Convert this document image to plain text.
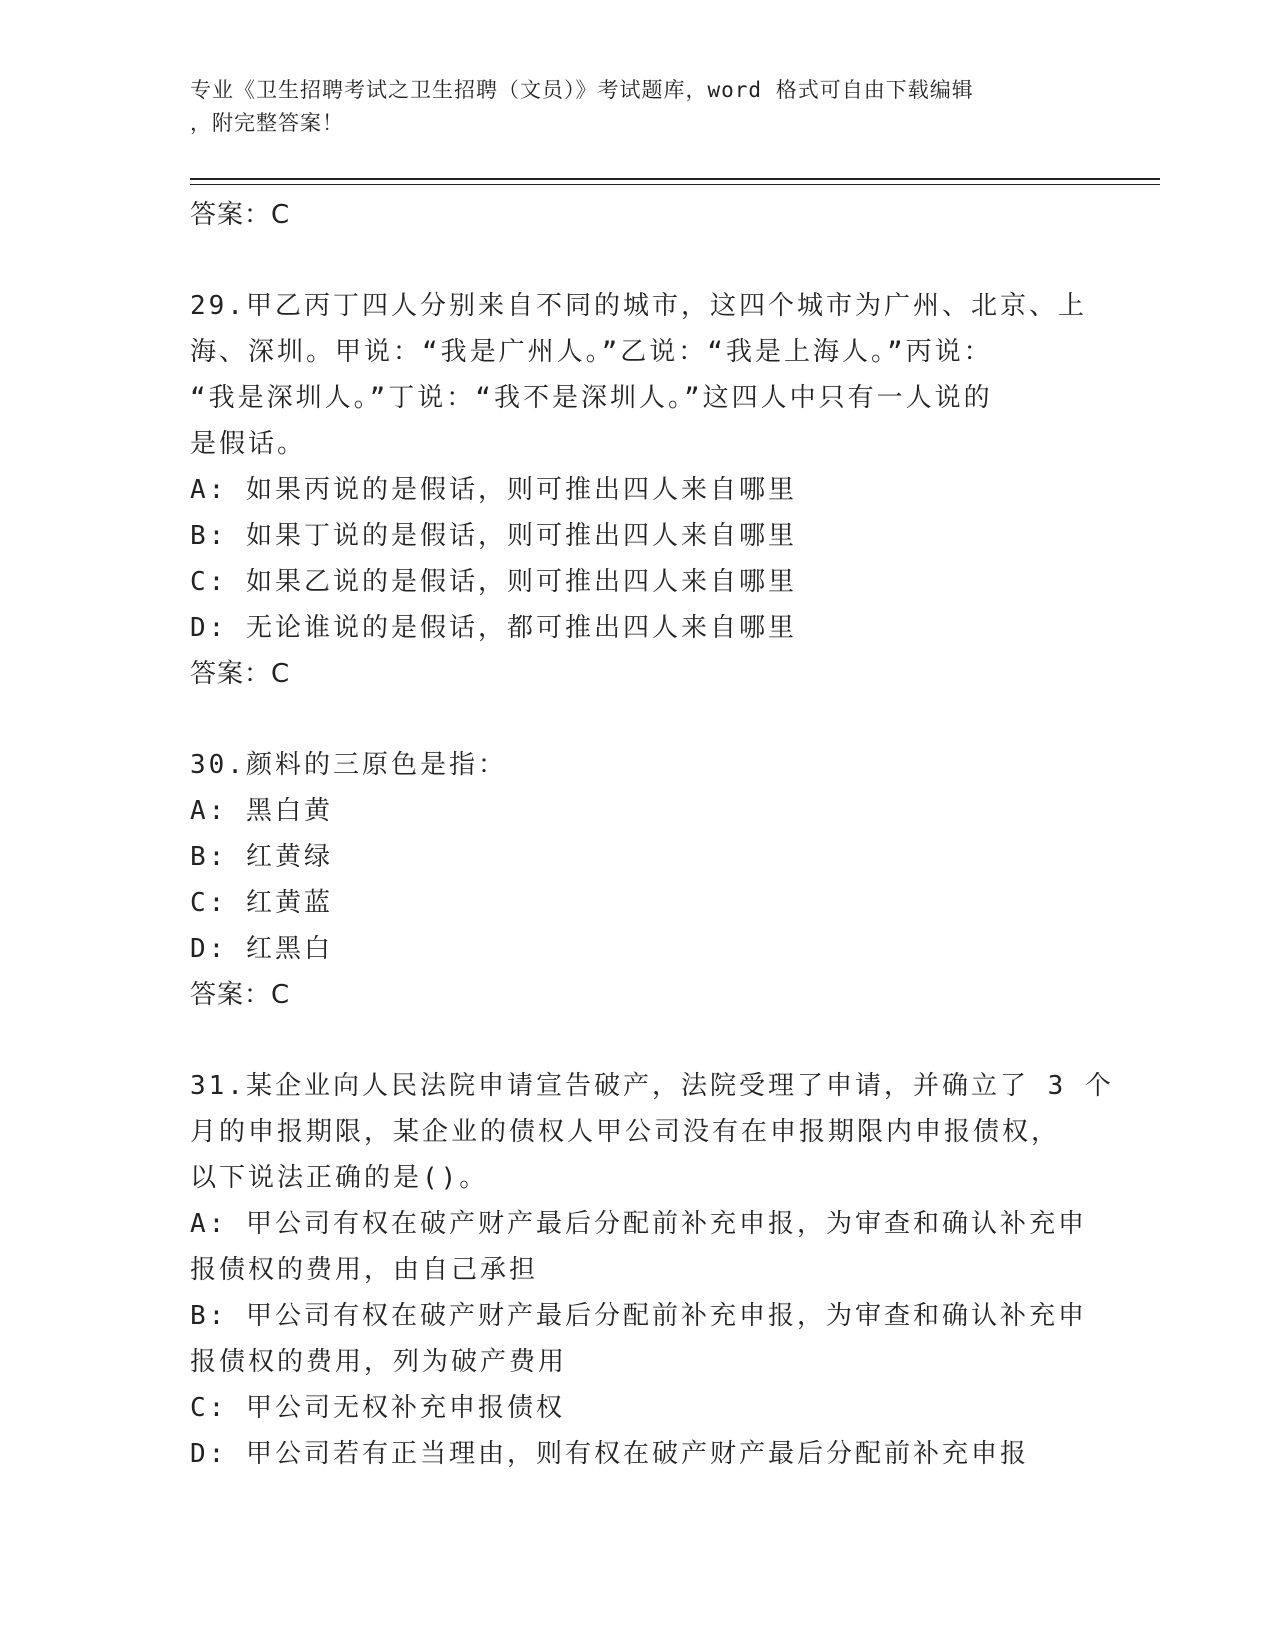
专业《卫生招聘考试之卫生招聘（文员）》考试题库，word 格式可自由下载编辑
，附完整答案！
答案：C
29.甲乙丙丁四人分别来自不同的城市，这四个城市为广州、北京、上
海、深圳。甲说：“我是广州人。”乙说：“我是上海人。”丙说：
“我是深圳人。”丁说：“我不是深圳人。”这四人中只有一人说的
是假话。
A: 如果丙说的是假话，则可推出四人来自哪里
B: 如果丁说的是假话，则可推出四人来自哪里
C: 如果乙说的是假话，则可推出四人来自哪里
D: 无论谁说的是假话，都可推出四人来自哪里
答案：C
30.颜料的三原色是指：
A: 黑白黄
B: 红黄绿
C: 红黄蓝
D: 红黑白
答案：C
31.某企业向人民法院申请宣告破产，法院受理了申请，并确立了 3 个
月的申报期限，某企业的债权人甲公司没有在申报期限内申报债权，
以下说法正确的是()。
A: 甲公司有权在破产财产最后分配前补充申报，为审查和确认补充申
报债权的费用，由自己承担
B: 甲公司有权在破产财产最后分配前补充申报，为审查和确认补充申
报债权的费用，列为破产费用
C: 甲公司无权补充申报债权
D: 甲公司若有正当理由，则有权在破产财产最后分配前补充申报
